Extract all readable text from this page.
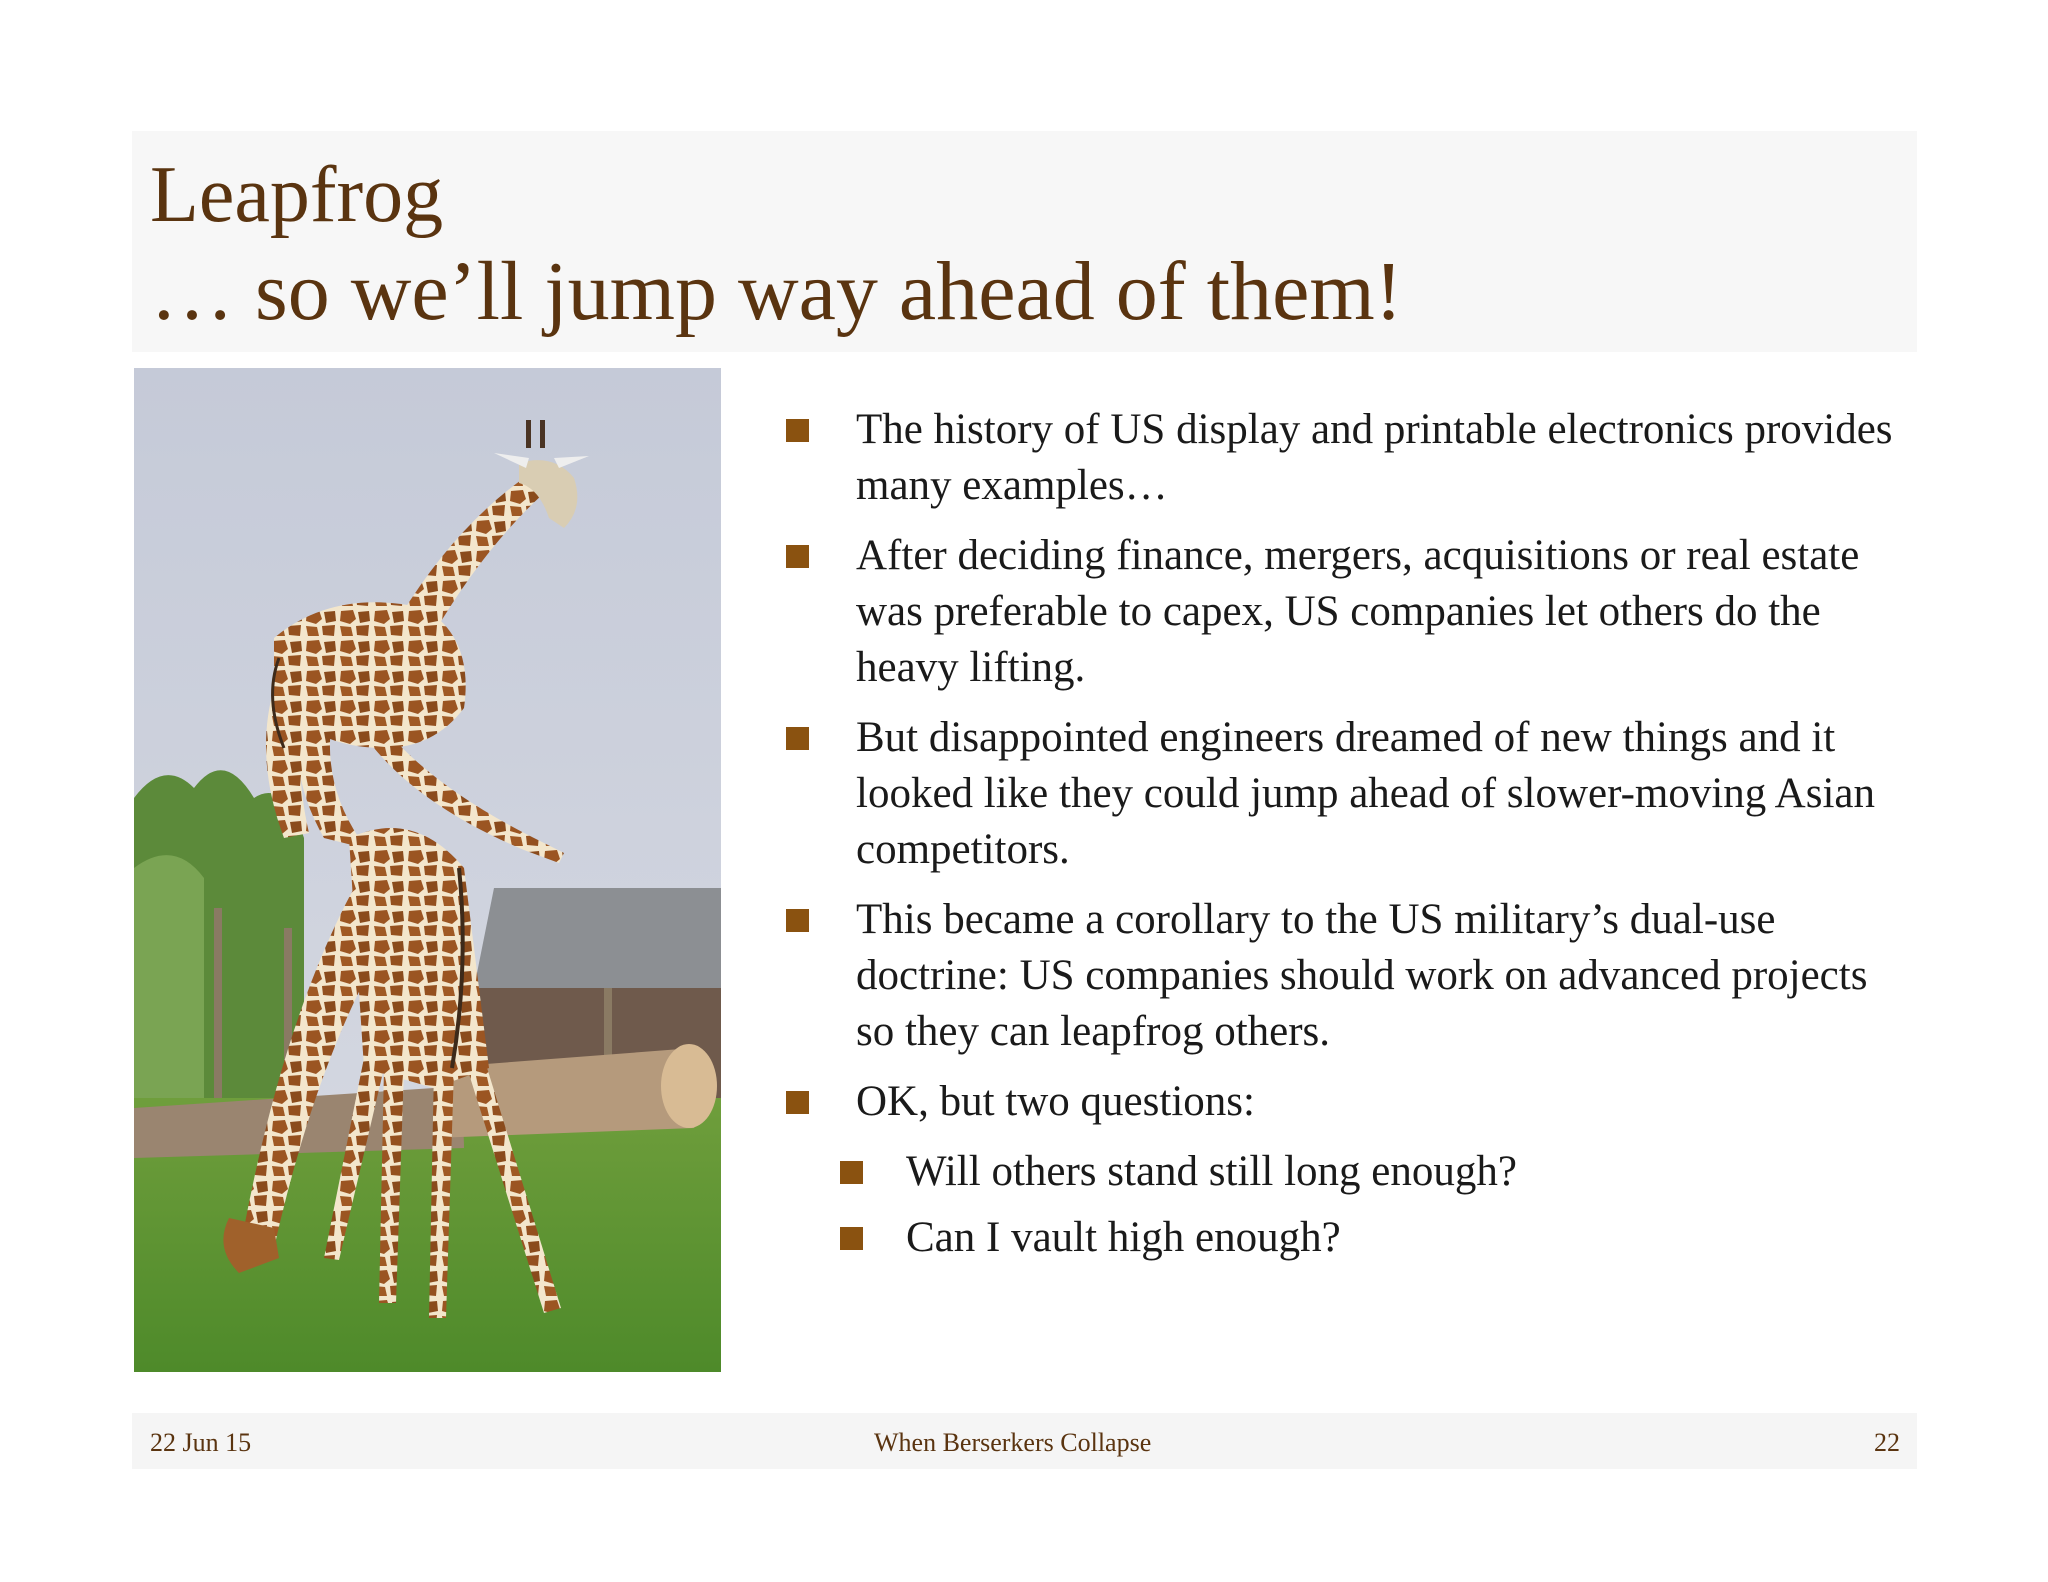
Leapfrog
… so we’ll jump way ahead of them!
The history of US display and printable electronics provides many examples…
After deciding finance, mergers, acquisitions or real estate was preferable to capex, US companies let others do the heavy lifting.
But disappointed engineers dreamed of new things and it looked like they could jump ahead of slower-moving Asian competitors.
This became a corollary to the US military’s dual-use doctrine: US companies should work on advanced projects so they can leapfrog others.
OK, but two questions:
Will others stand still long enough?
Can I vault high enough?
22 Jun 15	When Berserkers Collapse	22
